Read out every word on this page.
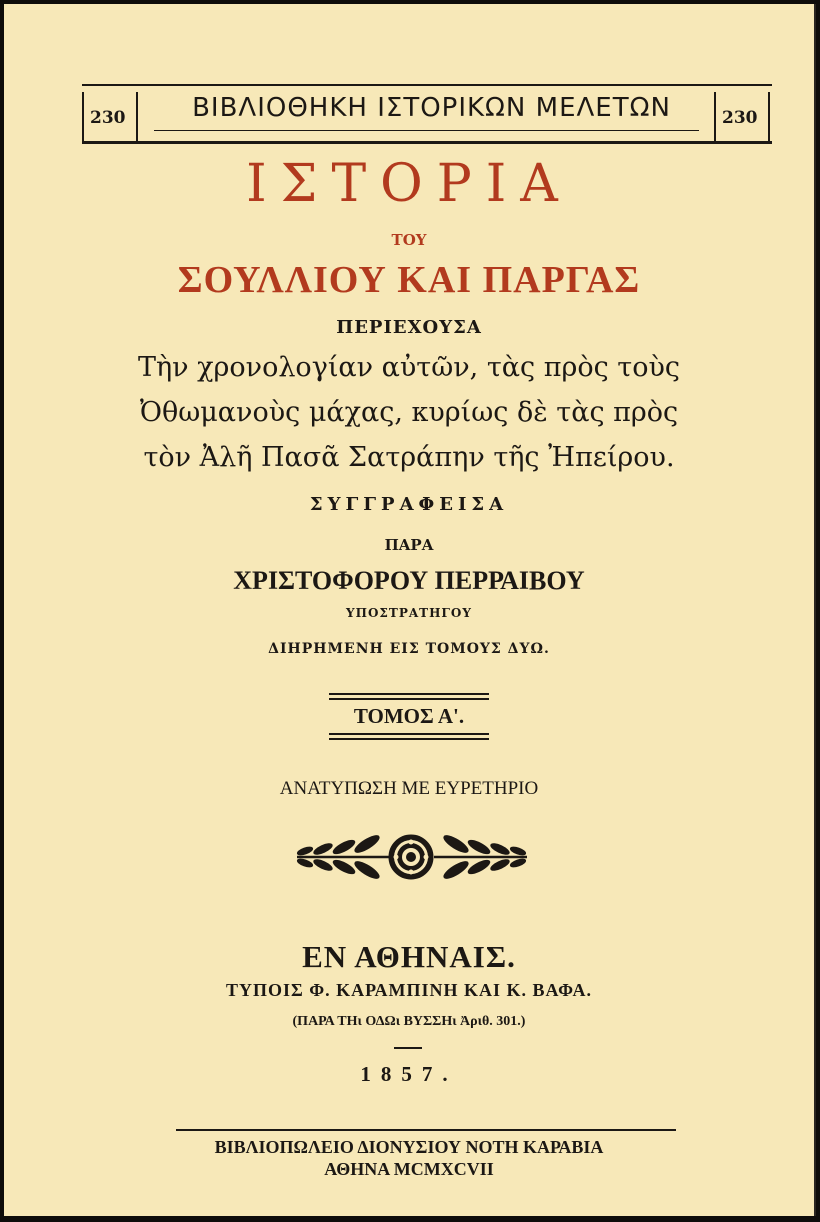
230	230
ΒΙΒΛΙΟΘΗΚΗ ΙΣΤΟΡΙΚΩΝ ΜΕΛΕΤΩΝ
ΙΣΤΟΡΙΑ
ΤΟΥ
ΣΟΥΛΛΙΟΥ ΚΑΙ ΠΑΡΓΑΣ
ΠΕΡΙΕΧΟΥΣΑ
Τὴν χρονολογίαν αὐτῶν, τὰς πρὸς τοὺς
Ὀθωμανοὺς μάχας, κυρίως δὲ τὰς πρὸς
τὸν Ἀλῆ Πασᾶ Σατράπην τῆς Ἠπείρου.
ΣΥΓΓΡΑΦΕΙΣΑ
ΠΑΡΑ
ΧΡΙΣΤΟΦΟΡΟΥ ΠΕΡΡΑΙΒΟΥ
ΥΠΟΣΤΡΑΤΗΓΟΥ
ΔΙΗΡΗΜΕΝΗ ΕΙΣ ΤΟΜΟΥΣ ΔΥΩ.
ΤΟΜΟΣ Α'.
ΑΝΑΤΥΠΩΣΗ ΜΕ ΕΥΡΕΤΗΡΙΟ
ΕΝ ΑΘΗΝΑΙΣ.
ΤΥΠΟΙΣ Φ. ΚΑΡΑΜΠΙΝΗ ΚΑΙ Κ. ΒΑΦΑ.
(ΠΑΡΑ ΤΗι ΟΔΩι ΒΥΣΣΗι Ἀριθ. 301.)
1857.
ΒΙΒΛΙΟΠΩΛΕΙΟ ΔΙΟΝΥΣΙΟΥ ΝΟΤΗ ΚΑΡΑΒΙΑ
ΑΘΗΝΑ MCMXCVII
